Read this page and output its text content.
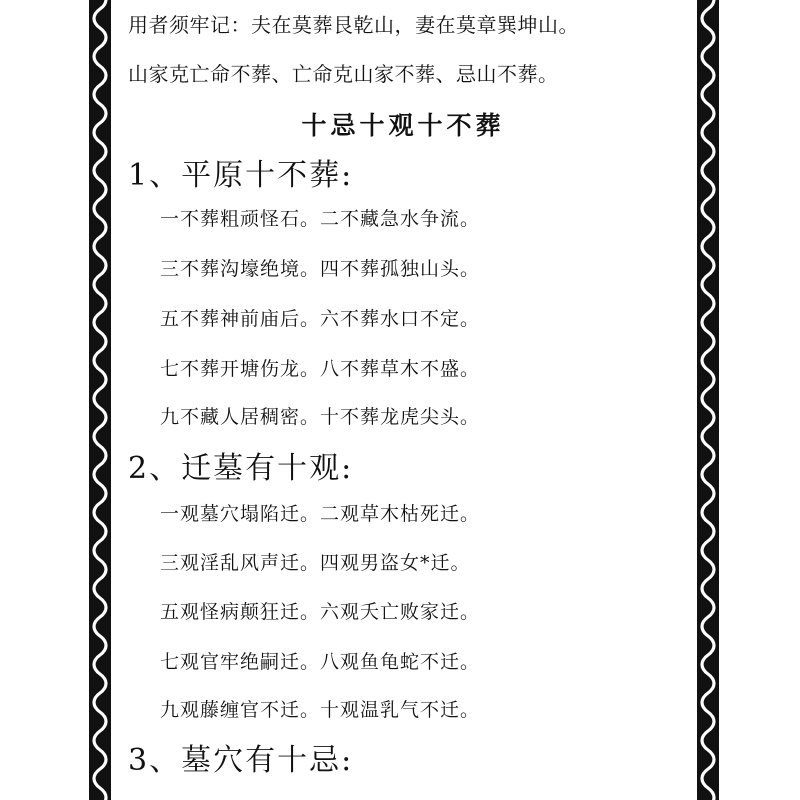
用者须牢记：夫在莫葬艮乾山，妻在莫章巽坤山。
山家克亡命不葬、亡命克山家不葬、忌山不葬。
十忌十观十不葬
1、平原十不葬:
一不葬粗顽怪石。二不藏急水争流。
三不葬沟壕绝境。四不葬孤独山头。
五不葬神前庙后。六不葬水口不定。
七不葬开塘伤龙。八不葬草木不盛。
九不藏人居稠密。十不葬龙虎尖头。
2、迁墓有十观:
一观墓穴塌陷迁。二观草木枯死迁。
三观淫乱风声迁。四观男盗女*迁。
五观怪病颠狂迁。六观夭亡败家迁。
七观官牢绝嗣迁。八观鱼龟蛇不迁。
九观藤缠官不迁。十观温乳气不迁。
3、墓穴有十忌:
